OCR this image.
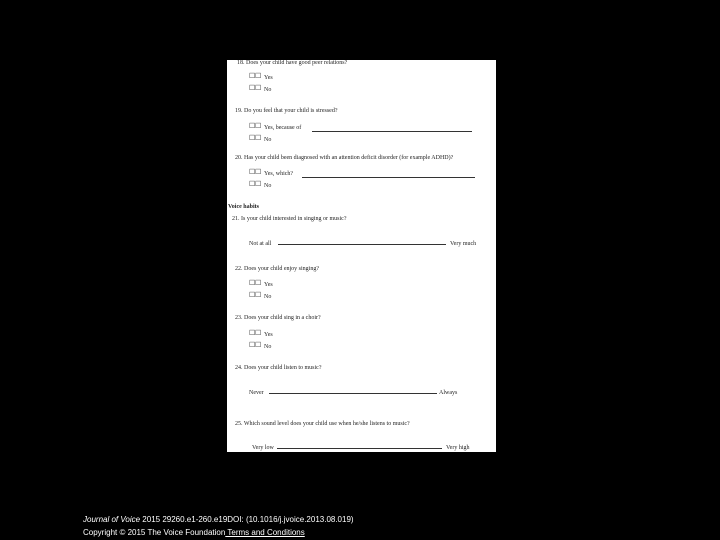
18. Does your child have good peer relations?
☐ ☐ Yes
☐ ☐ No
19. Do you feel that your child is stressed?
☐ ☐ Yes, because of
☐ ☐ No
20. Has your child been diagnosed with an attention deficit disorder (for example ADHD)?
☐ ☐ Yes, which?
☐ ☐ No
Voice habits
21. Is your child interested in singing or music?
Not at all	Very much
22. Does your child enjoy singing?
☐ ☐ Yes
☐ ☐ No
23. Does your child sing in a choir?
☐ ☐ Yes
☐ ☐ No
24. Does your child listen to music?
Never	Always
25. Which sound level does your child use when he/she listens to music?
Very low	Very high
Journal of Voice 2015 29260.e1-260.e19DOI: (10.1016/j.jvoice.2013.08.019)
Copyright © 2015 The Voice Foundation Terms and Conditions
